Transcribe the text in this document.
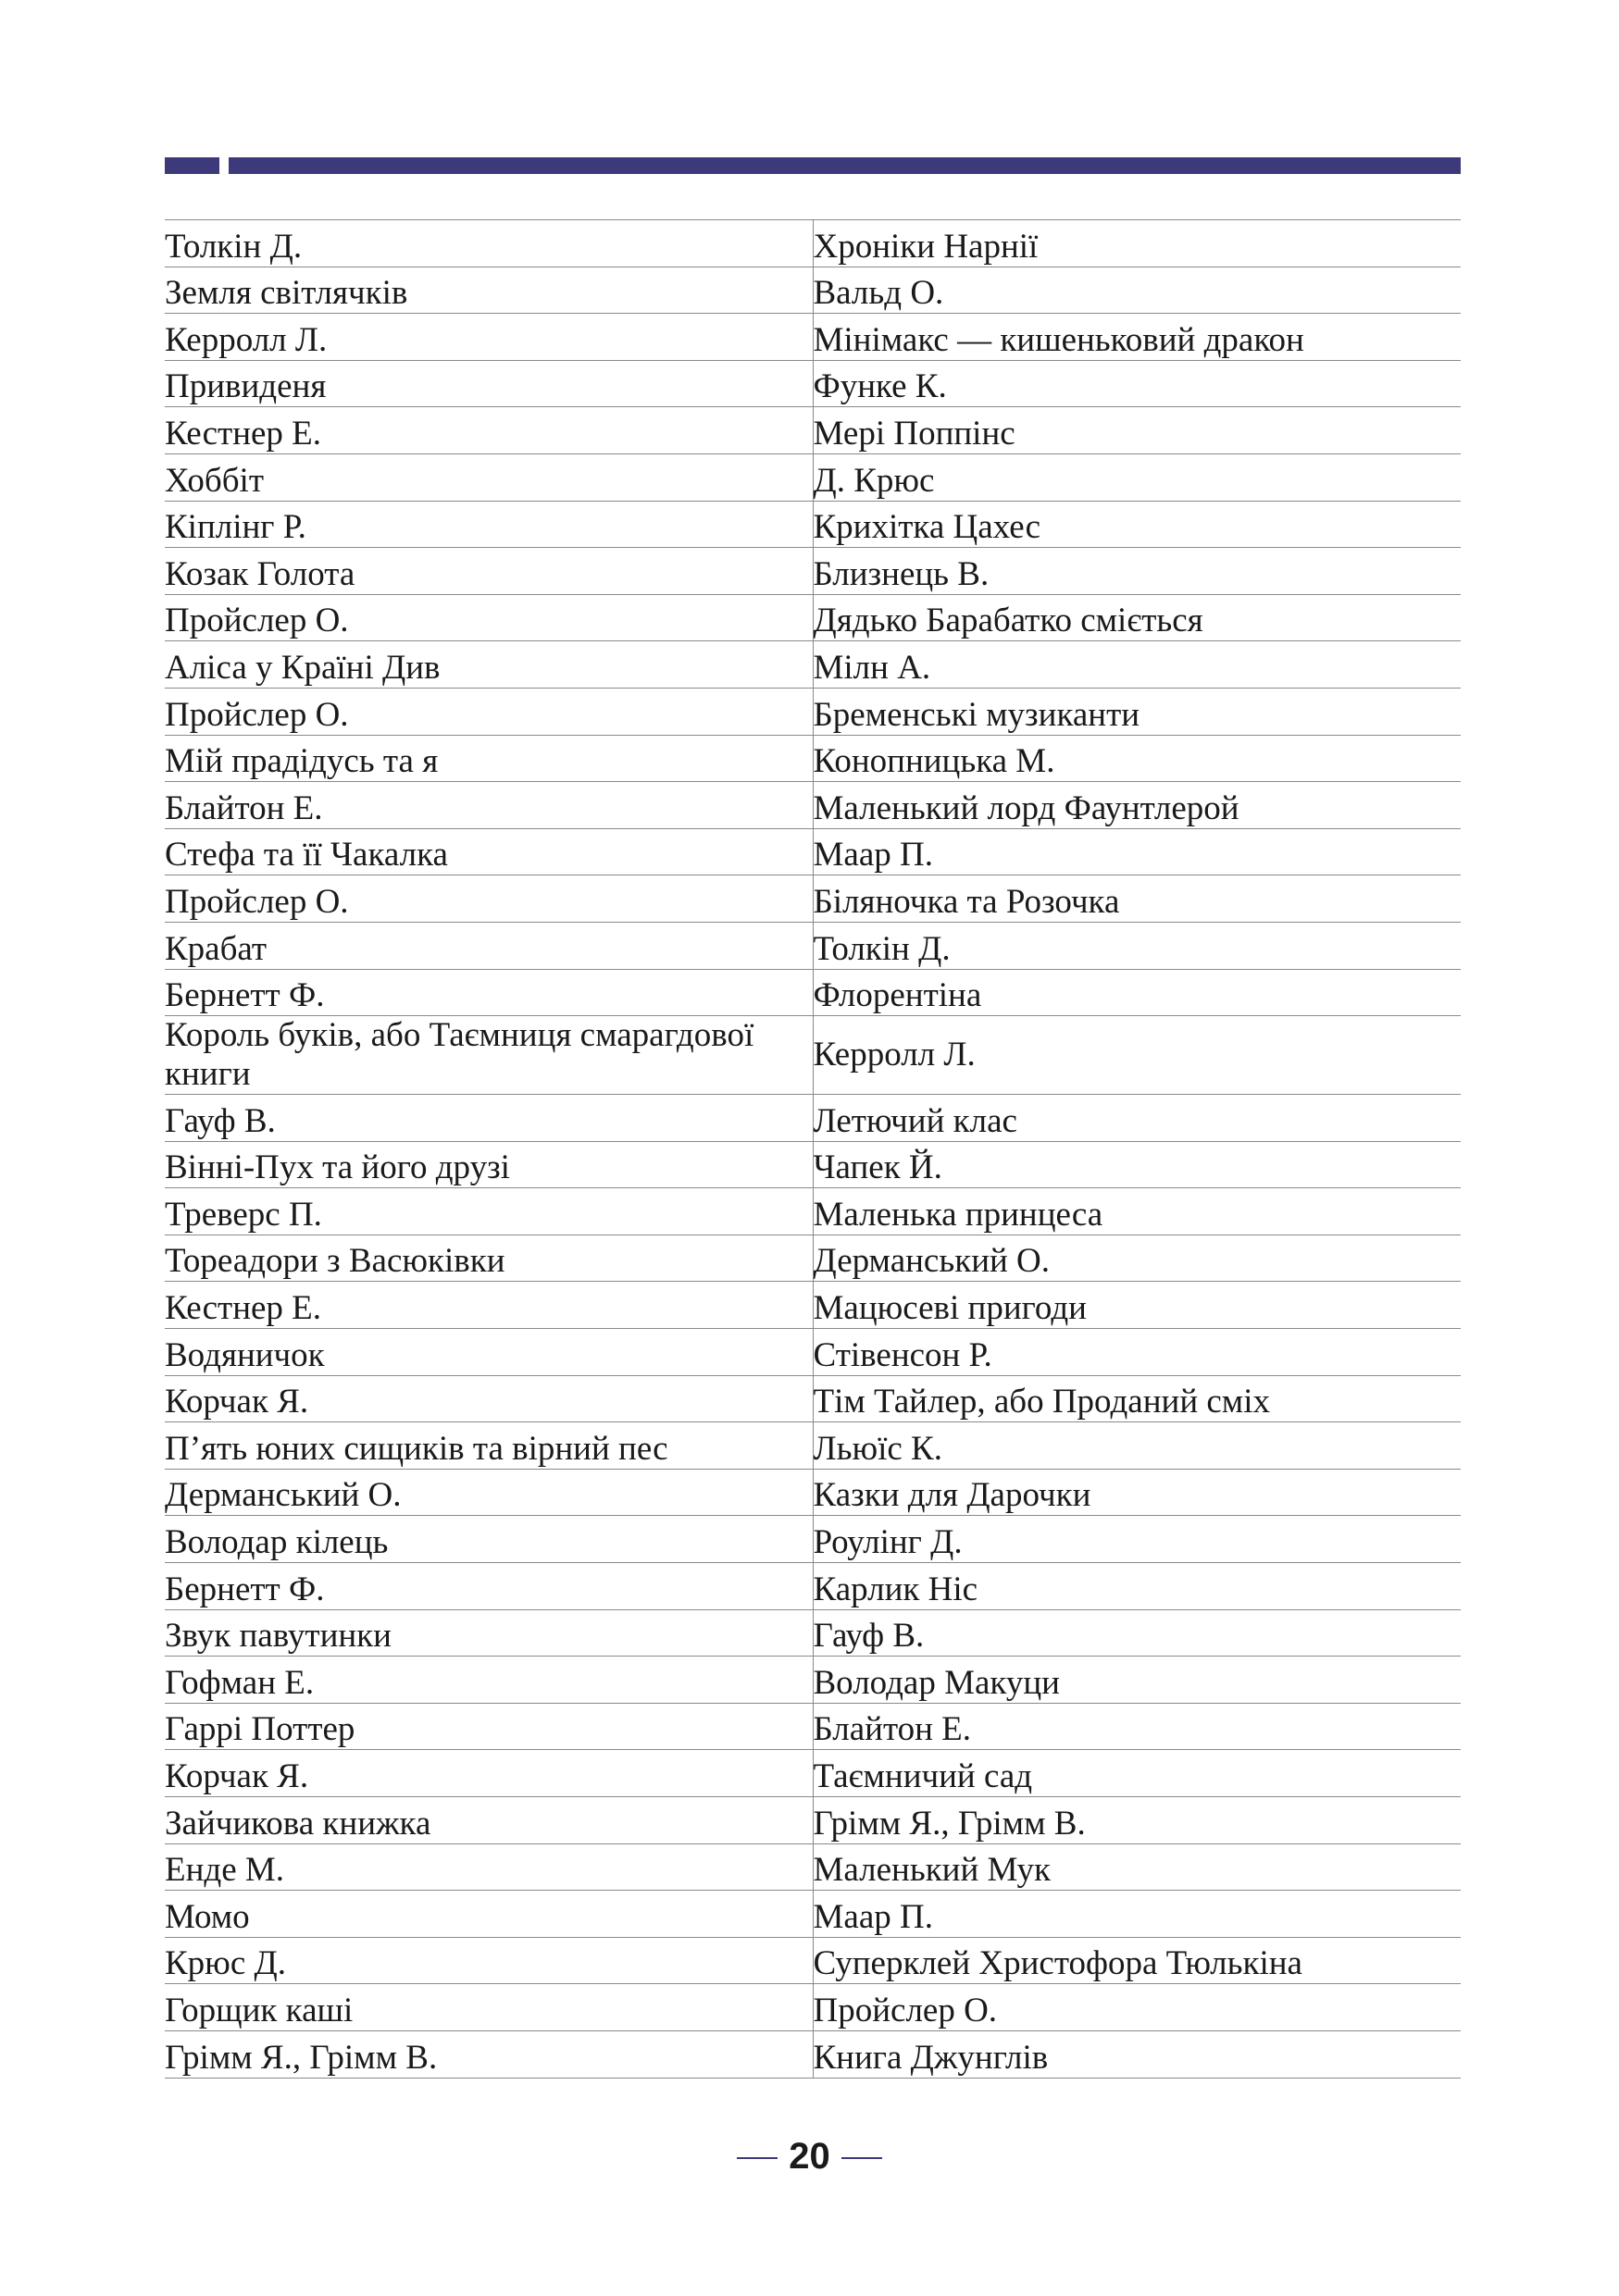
Толкін Д.	Хроніки Нарнії
Земля світлячків	Вальд О.
Керролл Л.	Мінімакс — кишеньковий дракон
Привиденя	Функе К.
Кестнер Е.	Мері Поппінс
Хоббіт	Д. Крюс
Кіплінг Р.	Крихітка Цахес
Козак Голота	Близнець В.
Пройслер О.	Дядько Барабатко сміється
Аліса у Країні Див	Мілн А.
Пройслер О.	Бременські музиканти
Мій прадідусь та я	Конопницька М.
Блайтон Е.	Маленький лорд Фаунтлерой
Стефа та її Чакалка	Маар П.
Пройслер О.	Біляночка та Розочка
Крабат	Толкін Д.
Бернетт Ф.	Флорентіна
Король буків, або Таємниця смарагдової книги	Керролл Л.
Гауф В.	Летючий клас
Вінні-Пух та його друзі	Чапек Й.
Треверс П.	Маленька принцеса
Тореадори з Васюківки	Дерманський О.
Кестнер Е.	Мацюсеві пригоди
Водяничок	Стівенсон Р.
Корчак Я.	Тім Тайлер, або Проданий сміх
П’ять юних сищиків та вірний пес	Льюїс К.
Дерманський О.	Казки для Дарочки
Володар кілець	Роулінг Д.
Бернетт Ф.	Карлик Ніс
Звук павутинки	Гауф В.
Гофман Е.	Володар Макуци
Гаррі Поттер	Блайтон Е.
Корчак Я.	Таємничий сад
Зайчикова книжка	Грімм Я., Грімм В.
Енде М.	Маленький Мук
Момо	Маар П.
Крюс Д.	Суперклей Христофора Тюлькіна
Горщик каші	Пройслер О.
Грімм Я., Грімм В.	Книга Джунглів
20
